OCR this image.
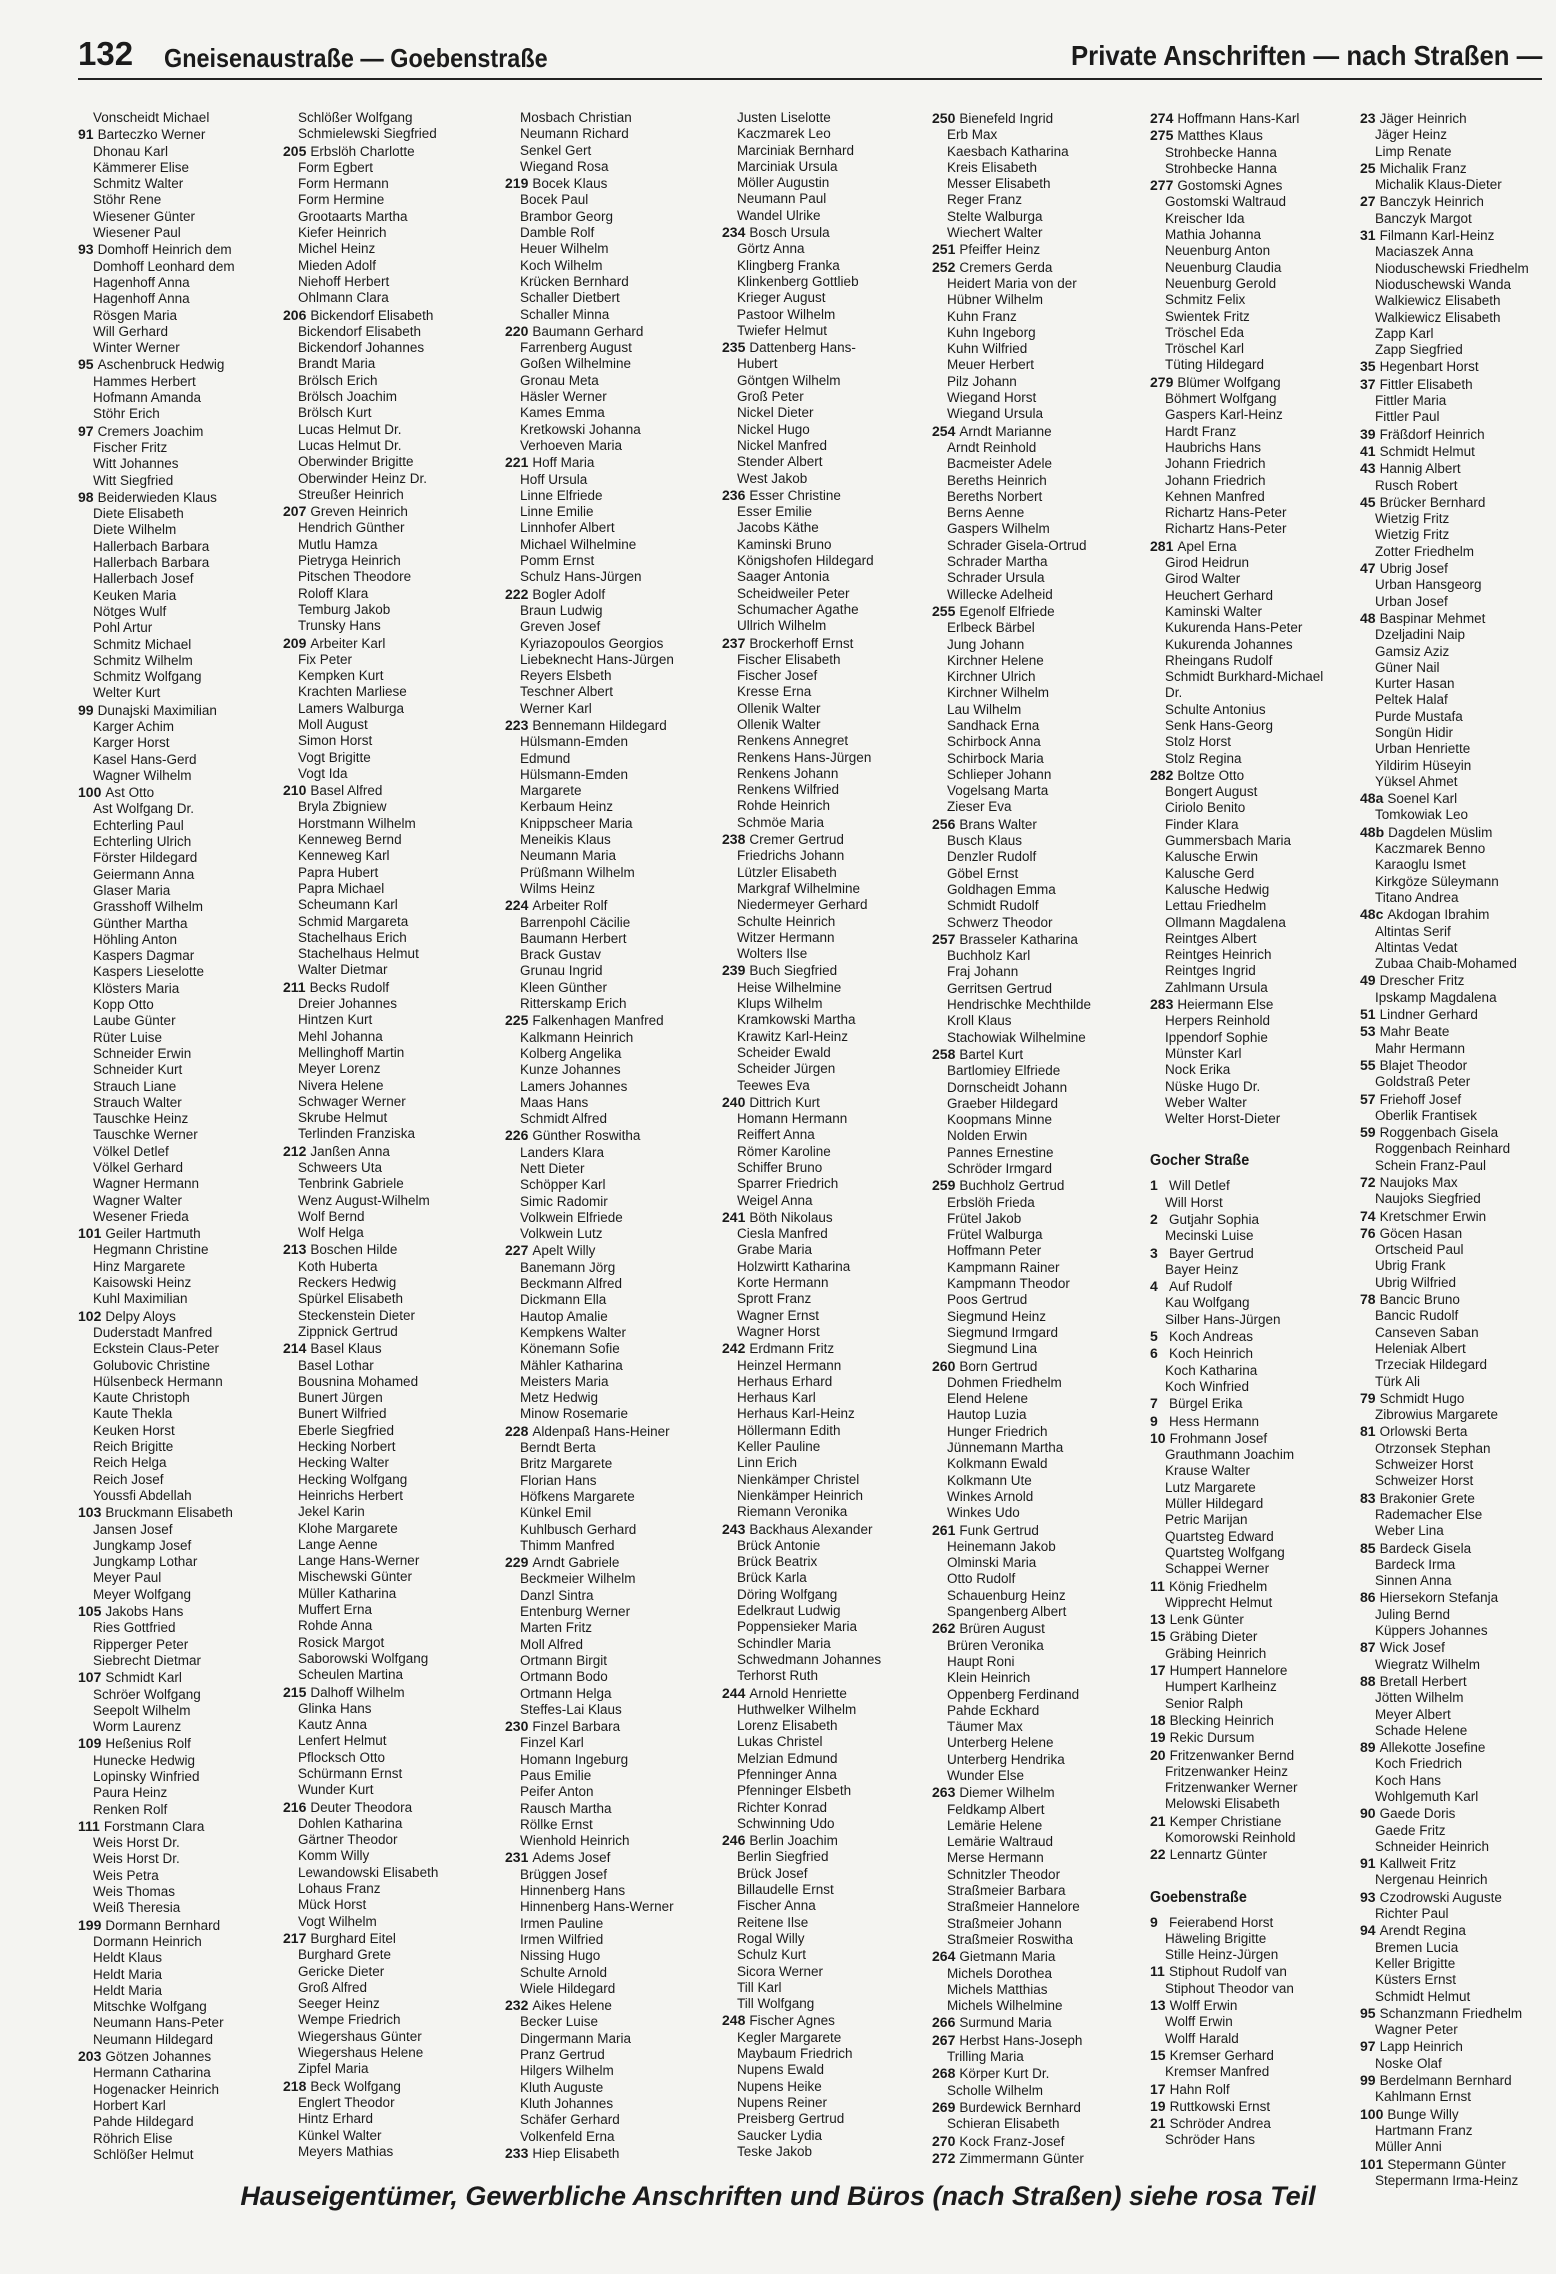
132 Gneisenaustraße — Goebenstraße	Private Anschriften — nach Straßen —
Vonscheidt Michael
91 Barteczko Werner
Dhonau Karl
Kämmerer Elise
Schmitz Walter
Stöhr Rene
Wiesener Günter
Wiesener Paul
93 Domhoff Heinrich dem
Domhoff Leonhard dem
Hagenhoff Anna
Hagenhoff Anna
Rösgen Maria
Will Gerhard
Winter Werner
95 Aschenbruck Hedwig
Hammes Herbert
Hofmann Amanda
Stöhr Erich
97 Cremers Joachim
Fischer Fritz
Witt Johannes
Witt Siegfried
98 Beiderwieden Klaus
Diete Elisabeth
Diete Wilhelm
Hallerbach Barbara
Hallerbach Barbara
Hallerbach Josef
Keuken Maria
Nötges Wulf
Pohl Artur
Schmitz Michael
Schmitz Wilhelm
Schmitz Wolfgang
Welter Kurt
99 Dunajski Maximilian
Karger Achim
Karger Horst
Kasel Hans-Gerd
Wagner Wilhelm
100 Ast Otto
Ast Wolfgang Dr.
Echterling Paul
Echterling Ulrich
Förster Hildegard
Geiermann Anna
Glaser Maria
Grasshoff Wilhelm
Günther Martha
Höhling Anton
Kaspers Dagmar
Kaspers Lieselotte
Klösters Maria
Kopp Otto
Laube Günter
Rüter Luise
Schneider Erwin
Schneider Kurt
Strauch Liane
Strauch Walter
Tauschke Heinz
Tauschke Werner
Völkel Detlef
Völkel Gerhard
Wagner Hermann
Wagner Walter
Wesener Frieda
101 Geiler Hartmuth
Hegmann Christine
Hinz Margarete
Kaisowski Heinz
Kuhl Maximilian
102 Delpy Aloys
Duderstadt Manfred
Eckstein Claus-Peter
Golubovic Christine
Hülsenbeck Hermann
Kaute Christoph
Kaute Thekla
Keuken Horst
Reich Brigitte
Reich Helga
Reich Josef
Youssfi Abdellah
103 Bruckmann Elisabeth
Jansen Josef
Jungkamp Josef
Jungkamp Lothar
Meyer Paul
Meyer Wolfgang
105 Jakobs Hans
Ries Gottfried
Ripperger Peter
Siebrecht Dietmar
107 Schmidt Karl
Schröer Wolfgang
Seepolt Wilhelm
Worm Laurenz
109 Heßenius Rolf
Hunecke Hedwig
Lopinsky Winfried
Paura Heinz
Renken Rolf
111 Forstmann Clara
Weis Horst Dr.
Weis Horst Dr.
Weis Petra
Weis Thomas
Weiß Theresia
199 Dormann Bernhard
Dormann Heinrich
Heldt Klaus
Heldt Maria
Heldt Maria
Mitschke Wolfgang
Neumann Hans-Peter
Neumann Hildegard
203 Götzen Johannes
Hermann Catharina
Hogenacker Heinrich
Horbert Karl
Pahde Hildegard
Röhrich Elise
Schlößer Helmut
Schlößer Wolfgang
Schmielewski Siegfried
205 Erbslöh Charlotte
Form Egbert
Form Hermann
Form Hermine
Grootaarts Martha
Kiefer Heinrich
Michel Heinz
Mieden Adolf
Niehoff Herbert
Ohlmann Clara
206 Bickendorf Elisabeth
Bickendorf Elisabeth
Bickendorf Johannes
Brandt Maria
Brölsch Erich
Brölsch Joachim
Brölsch Kurt
Lucas Helmut Dr.
Lucas Helmut Dr.
Oberwinder Brigitte
Oberwinder Heinz Dr.
Streußer Heinrich
207 Greven Heinrich
Hendrich Günther
Mutlu Hamza
Pietryga Heinrich
Pitschen Theodore
Roloff Klara
Temburg Jakob
Trunsky Hans
209 Arbeiter Karl
Fix Peter
Kempken Kurt
Krachten Marliese
Lamers Walburga
Moll August
Simon Horst
Vogt Brigitte
Vogt Ida
210 Basel Alfred
Bryla Zbigniew
Horstmann Wilhelm
Kenneweg Bernd
Kenneweg Karl
Papra Hubert
Papra Michael
Scheumann Karl
Schmid Margareta
Stachelhaus Erich
Stachelhaus Helmut
Walter Dietmar
211 Becks Rudolf
Dreier Johannes
Hintzen Kurt
Mehl Johanna
Mellinghoff Martin
Meyer Lorenz
Nivera Helene
Schwager Werner
Skrube Helmut
Terlinden Franziska
212 Janßen Anna
Schweers Uta
Tenbrink Gabriele
Wenz August-Wilhelm
Wolf Bernd
Wolf Helga
213 Boschen Hilde
Koth Huberta
Reckers Hedwig
Spürkel Elisabeth
Steckenstein Dieter
Zippnick Gertrud
214 Basel Klaus
Basel Lothar
Bousnina Mohamed
Bunert Jürgen
Bunert Wilfried
Eberle Siegfried
Hecking Norbert
Hecking Walter
Hecking Wolfgang
Heinrichs Herbert
Jekel Karin
Klohe Margarete
Lange Aenne
Lange Hans-Werner
Mischewski Günter
Müller Katharina
Muffert Erna
Rohde Anna
Rosick Margot
Saborowski Wolfgang
Scheulen Martina
215 Dalhoff Wilhelm
Glinka Hans
Kautz Anna
Lenfert Helmut
Pflocksch Otto
Schürmann Ernst
Wunder Kurt
216 Deuter Theodora
Dohlen Katharina
Gärtner Theodor
Komm Willy
Lewandowski Elisabeth
Lohaus Franz
Mück Horst
Vogt Wilhelm
217 Burghard Eitel
Burghard Grete
Gericke Dieter
Groß Alfred
Seeger Heinz
Wempe Friedrich
Wiegershaus Günter
Wiegershaus Helene
Zipfel Maria
218 Beck Wolfgang
Englert Theodor
Hintz Erhard
Künkel Walter
Meyers Mathias
Mosbach Christian
Neumann Richard
Senkel Gert
Wiegand Rosa
219 Bocek Klaus
Bocek Paul
Brambor Georg
Damble Rolf
Heuer Wilhelm
Koch Wilhelm
Krücken Bernhard
Schaller Dietbert
Schaller Minna
220 Baumann Gerhard
Farrenberg August
Goßen Wilhelmine
Gronau Meta
Häsler Werner
Kames Emma
Kretkowski Johanna
Verhoeven Maria
221 Hoff Maria
Hoff Ursula
Linne Elfriede
Linne Emilie
Linnhofer Albert
Michael Wilhelmine
Pomm Ernst
Schulz Hans-Jürgen
222 Bogler Adolf
Braun Ludwig
Greven Josef
Kyriazopoulos Georgios
Liebeknecht Hans-Jürgen
Reyers Elsbeth
Teschner Albert
Werner Karl
223 Bennemann Hildegard
Hülsmann-Emden
Edmund
Hülsmann-Emden
Margarete
Kerbaum Heinz
Knippscheer Maria
Meneikis Klaus
Neumann Maria
Prüßmann Wilhelm
Wilms Heinz
224 Arbeiter Rolf
Barrenpohl Cäcilie
Baumann Herbert
Brack Gustav
Grunau Ingrid
Kleen Günther
Ritterskamp Erich
225 Falkenhagen Manfred
Kalkmann Heinrich
Kolberg Angelika
Kunze Johannes
Lamers Johannes
Maas Hans
Schmidt Alfred
226 Günther Roswitha
Landers Klara
Nett Dieter
Schöpper Karl
Simic Radomir
Volkwein Elfriede
Volkwein Lutz
227 Apelt Willy
Banemann Jörg
Beckmann Alfred
Dickmann Ella
Hautop Amalie
Kempkens Walter
Könemann Sofie
Mähler Katharina
Meisters Maria
Metz Hedwig
Minow Rosemarie
228 Aldenpaß Hans-Heiner
Berndt Berta
Britz Margarete
Florian Hans
Höfkens Margarete
Künkel Emil
Kuhlbusch Gerhard
Thimm Manfred
229 Arndt Gabriele
Beckmeier Wilhelm
Danzl Sintra
Entenburg Werner
Marten Fritz
Moll Alfred
Ortmann Birgit
Ortmann Bodo
Ortmann Helga
Steffes-Lai Klaus
230 Finzel Barbara
Finzel Karl
Homann Ingeburg
Paus Emilie
Peifer Anton
Rausch Martha
Röllke Ernst
Wienhold Heinrich
231 Adems Josef
Brüggen Josef
Hinnenberg Hans
Hinnenberg Hans-Werner
Irmen Pauline
Irmen Wilfried
Nissing Hugo
Schulte Arnold
Wiele Hildegard
232 Aikes Helene
Becker Luise
Dingermann Maria
Pranz Gertrud
Hilgers Wilhelm
Kluth Auguste
Kluth Johannes
Schäfer Gerhard
Volkenfeld Erna
233 Hiep Elisabeth
Justen Liselotte
Kaczmarek Leo
Marciniak Bernhard
Marciniak Ursula
Möller Augustin
Neumann Paul
Wandel Ulrike
234 Bosch Ursula
Görtz Anna
Klingberg Franka
Klinkenberg Gottlieb
Krieger August
Pastoor Wilhelm
Twiefer Helmut
235 Dattenberg Hans-
Hubert
Göntgen Wilhelm
Groß Peter
Nickel Dieter
Nickel Hugo
Nickel Manfred
Stender Albert
West Jakob
236 Esser Christine
Esser Emilie
Jacobs Käthe
Kaminski Bruno
Königshofen Hildegard
Saager Antonia
Scheidweiler Peter
Schumacher Agathe
Ullrich Wilhelm
237 Brockerhoff Ernst
Fischer Elisabeth
Fischer Josef
Kresse Erna
Ollenik Walter
Ollenik Walter
Renkens Annegret
Renkens Hans-Jürgen
Renkens Johann
Renkens Wilfried
Rohde Heinrich
Schmöe Maria
238 Cremer Gertrud
Friedrichs Johann
Lützler Elisabeth
Markgraf Wilhelmine
Niedermeyer Gerhard
Schulte Heinrich
Witzer Hermann
Wolters Ilse
239 Buch Siegfried
Heise Wilhelmine
Klups Wilhelm
Kramkowski Martha
Krawitz Karl-Heinz
Scheider Ewald
Scheider Jürgen
Teewes Eva
240 Dittrich Kurt
Homann Hermann
Reiffert Anna
Römer Karoline
Schiffer Bruno
Sparrer Friedrich
Weigel Anna
241 Böth Nikolaus
Ciesla Manfred
Grabe Maria
Holzwirtt Katharina
Korte Hermann
Sprott Franz
Wagner Ernst
Wagner Horst
242 Erdmann Fritz
Heinzel Hermann
Herhaus Erhard
Herhaus Karl
Herhaus Karl-Heinz
Höllermann Edith
Keller Pauline
Linn Erich
Nienkämper Christel
Nienkämper Heinrich
Riemann Veronika
243 Backhaus Alexander
Brück Antonie
Brück Beatrix
Brück Karla
Döring Wolfgang
Edelkraut Ludwig
Poppensieker Maria
Schindler Maria
Schwedmann Johannes
Terhorst Ruth
244 Arnold Henriette
Huthwelker Wilhelm
Lorenz Elisabeth
Lukas Christel
Melzian Edmund
Pfenninger Anna
Pfenninger Elsbeth
Richter Konrad
Schwinning Udo
246 Berlin Joachim
Berlin Siegfried
Brück Josef
Billaudelle Ernst
Fischer Anna
Reitene Ilse
Rogal Willy
Schulz Kurt
Sicora Werner
Till Karl
Till Wolfgang
248 Fischer Agnes
Kegler Margarete
Maybaum Friedrich
Nupens Ewald
Nupens Heike
Nupens Reiner
Preisberg Gertrud
Saucker Lydia
Teske Jakob
250 Bienefeld Ingrid
Erb Max
Kaesbach Katharina
Kreis Elisabeth
Messer Elisabeth
Reger Franz
Stelte Walburga
Wiechert Walter
251 Pfeiffer Heinz
252 Cremers Gerda
Heidert Maria von der
Hübner Wilhelm
Kuhn Franz
Kuhn Ingeborg
Kuhn Wilfried
Meuer Herbert
Pilz Johann
Wiegand Horst
Wiegand Ursula
254 Arndt Marianne
Arndt Reinhold
Bacmeister Adele
Bereths Heinrich
Bereths Norbert
Berns Aenne
Gaspers Wilhelm
Schrader Gisela-Ortrud
Schrader Martha
Schrader Ursula
Willecke Adelheid
255 Egenolf Elfriede
Erlbeck Bärbel
Jung Johann
Kirchner Helene
Kirchner Ulrich
Kirchner Wilhelm
Lau Wilhelm
Sandhack Erna
Schirbock Anna
Schirbock Maria
Schlieper Johann
Vogelsang Marta
Zieser Eva
256 Brans Walter
Busch Klaus
Denzler Rudolf
Göbel Ernst
Goldhagen Emma
Schmidt Rudolf
Schwerz Theodor
257 Brasseler Katharina
Buchholz Karl
Fraj Johann
Gerritsen Gertrud
Hendrischke Mechthilde
Kroll Klaus
Stachowiak Wilhelmine
258 Bartel Kurt
Bartlomiey Elfriede
Dornscheidt Johann
Graeber Hildegard
Koopmans Minne
Nolden Erwin
Pannes Ernestine
Schröder Irmgard
259 Buchholz Gertrud
Erbslöh Frieda
Frütel Jakob
Frütel Walburga
Hoffmann Peter
Kampmann Rainer
Kampmann Theodor
Poos Gertrud
Siegmund Heinz
Siegmund Irmgard
Siegmund Lina
260 Born Gertrud
Dohmen Friedhelm
Elend Helene
Hautop Luzia
Hunger Friedrich
Jünnemann Martha
Kolkmann Ewald
Kolkmann Ute
Winkes Arnold
Winkes Udo
261 Funk Gertrud
Heinemann Jakob
Olminski Maria
Otto Rudolf
Schauenburg Heinz
Spangenberg Albert
262 Brüren August
Brüren Veronika
Haupt Roni
Klein Heinrich
Oppenberg Ferdinand
Pahde Eckhard
Täumer Max
Unterberg Helene
Unterberg Hendrika
Wunder Else
263 Diemer Wilhelm
Feldkamp Albert
Lemärie Helene
Lemärie Waltraud
Merse Hermann
Schnitzler Theodor
Straßmeier Barbara
Straßmeier Hannelore
Straßmeier Johann
Straßmeier Roswitha
264 Gietmann Maria
Michels Dorothea
Michels Matthias
Michels Wilhelmine
266 Surmund Maria
267 Herbst Hans-Joseph
Trilling Maria
268 Körper Kurt Dr.
Scholle Wilhelm
269 Burdewick Bernhard
Schieran Elisabeth
270 Kock Franz-Josef
272 Zimmermann Günter
274 Hoffmann Hans-Karl
275 Matthes Klaus
Strohbecke Hanna
Strohbecke Hanna
277 Gostomski Agnes
Gostomski Waltraud
Kreischer Ida
Mathia Johanna
Neuenburg Anton
Neuenburg Claudia
Neuenburg Gerold
Schmitz Felix
Swientek Fritz
Tröschel Eda
Tröschel Karl
Tüting Hildegard
279 Blümer Wolfgang
Böhmert Wolfgang
Gaspers Karl-Heinz
Hardt Franz
Haubrichs Hans
Johann Friedrich
Johann Friedrich
Kehnen Manfred
Richartz Hans-Peter
Richartz Hans-Peter
281 Apel Erna
Girod Heidrun
Girod Walter
Heuchert Gerhard
Kaminski Walter
Kukurenda Hans-Peter
Kukurenda Johannes
Rheingans Rudolf
Schmidt Burkhard-Michael
Dr.
Schulte Antonius
Senk Hans-Georg
Stolz Horst
Stolz Regina
282 Boltze Otto
Bongert August
Ciriolo Benito
Finder Klara
Gummersbach Maria
Kalusche Erwin
Kalusche Gerd
Kalusche Hedwig
Lettau Friedhelm
Ollmann Magdalena
Reintges Albert
Reintges Heinrich
Reintges Ingrid
Zahlmann Ursula
283 Heiermann Else
Herpers Reinhold
Ippendorf Sophie
Münster Karl
Nock Erika
Nüske Hugo Dr.
Weber Walter
Welter Horst-Dieter
Gocher Straße
1 Will Detlef
Will Horst
2 Gutjahr Sophia
Mecinski Luise
3 Bayer Gertrud
Bayer Heinz
4 Auf Rudolf
Kau Wolfgang
Silber Hans-Jürgen
5 Koch Andreas
6 Koch Heinrich
Koch Katharina
Koch Winfried
7 Bürgel Erika
9 Hess Hermann
10 Frohmann Josef
Grauthmann Joachim
Krause Walter
Lutz Margarete
Müller Hildegard
Petric Marijan
Quartsteg Edward
Quartsteg Wolfgang
Schappei Werner
11 König Friedhelm
Wipprecht Helmut
13 Lenk Günter
15 Gräbing Dieter
Gräbing Heinrich
17 Humpert Hannelore
Humpert Karlheinz
Senior Ralph
18 Blecking Heinrich
19 Rekic Dursum
20 Fritzenwanker Bernd
Fritzenwanker Heinz
Fritzenwanker Werner
Melowski Elisabeth
21 Kemper Christiane
Komorowski Reinhold
22 Lennartz Günter
Goebenstraße
9 Feierabend Horst
Häweling Brigitte
Stille Heinz-Jürgen
11 Stiphout Rudolf van
Stiphout Theodor van
13 Wolff Erwin
Wolff Erwin
Wolff Harald
15 Kremser Gerhard
Kremser Manfred
17 Hahn Rolf
19 Ruttkowski Ernst
21 Schröder Andrea
Schröder Hans
23 Jäger Heinrich
Jäger Heinz
Limp Renate
25 Michalik Franz
Michalik Klaus-Dieter
27 Banczyk Heinrich
Banczyk Margot
31 Filmann Karl-Heinz
Maciaszek Anna
Nioduschewski Friedhelm
Nioduschewski Wanda
Walkiewicz Elisabeth
Walkiewicz Elisabeth
Zapp Karl
Zapp Siegfried
35 Hegenbart Horst
37 Fittler Elisabeth
Fittler Maria
Fittler Paul
39 Fräßdorf Heinrich
41 Schmidt Helmut
43 Hannig Albert
Rusch Robert
45 Brücker Bernhard
Wietzig Fritz
Wietzig Fritz
Zotter Friedhelm
47 Ubrig Josef
Urban Hansgeorg
Urban Josef
48 Baspinar Mehmet
Dzeljadini Naip
Gamsiz Aziz
Güner Nail
Kurter Hasan
Peltek Halaf
Purde Mustafa
Songün Hidir
Urban Henriette
Yildirim Hüseyin
Yüksel Ahmet
48a Soenel Karl
Tomkowiak Leo
48b Dagdelen Müslim
Kaczmarek Benno
Karaoglu Ismet
Kirkgöze Süleymann
Titano Andrea
48c Akdogan Ibrahim
Altintas Serif
Altintas Vedat
Zubaa Chaib-Mohamed
49 Drescher Fritz
Ipskamp Magdalena
51 Lindner Gerhard
53 Mahr Beate
Mahr Hermann
55 Blajet Theodor
Goldstraß Peter
57 Friehoff Josef
Oberlik Frantisek
59 Roggenbach Gisela
Roggenbach Reinhard
Schein Franz-Paul
72 Naujoks Max
Naujoks Siegfried
74 Kretschmer Erwin
76 Göcen Hasan
Ortscheid Paul
Ubrig Frank
Ubrig Wilfried
78 Bancic Bruno
Bancic Rudolf
Canseven Saban
Heleniak Albert
Trzeciak Hildegard
Türk Ali
79 Schmidt Hugo
Zibrowius Margarete
81 Orlowski Berta
Otrzonsek Stephan
Schweizer Horst
Schweizer Horst
83 Brakonier Grete
Rademacher Else
Weber Lina
85 Bardeck Gisela
Bardeck Irma
Sinnen Anna
86 Hiersekorn Stefanja
Juling Bernd
Küppers Johannes
87 Wick Josef
Wiegratz Wilhelm
88 Bretall Herbert
Jötten Wilhelm
Meyer Albert
Schade Helene
89 Allekotte Josefine
Koch Friedrich
Koch Hans
Wohlgemuth Karl
90 Gaede Doris
Gaede Fritz
Schneider Heinrich
91 Kallweit Fritz
Nergenau Heinrich
93 Czodrowski Auguste
Richter Paul
94 Arendt Regina
Bremen Lucia
Keller Brigitte
Küsters Ernst
Schmidt Helmut
95 Schanzmann Friedhelm
Wagner Peter
97 Lapp Heinrich
Noske Olaf
99 Berdelmann Bernhard
Kahlmann Ernst
100 Bunge Willy
Hartmann Franz
Müller Anni
101 Stepermann Günter
Stepermann Irma-Heinz
Hauseigentümer, Gewerbliche Anschriften und Büros (nach Straßen) siehe rosa Teil
